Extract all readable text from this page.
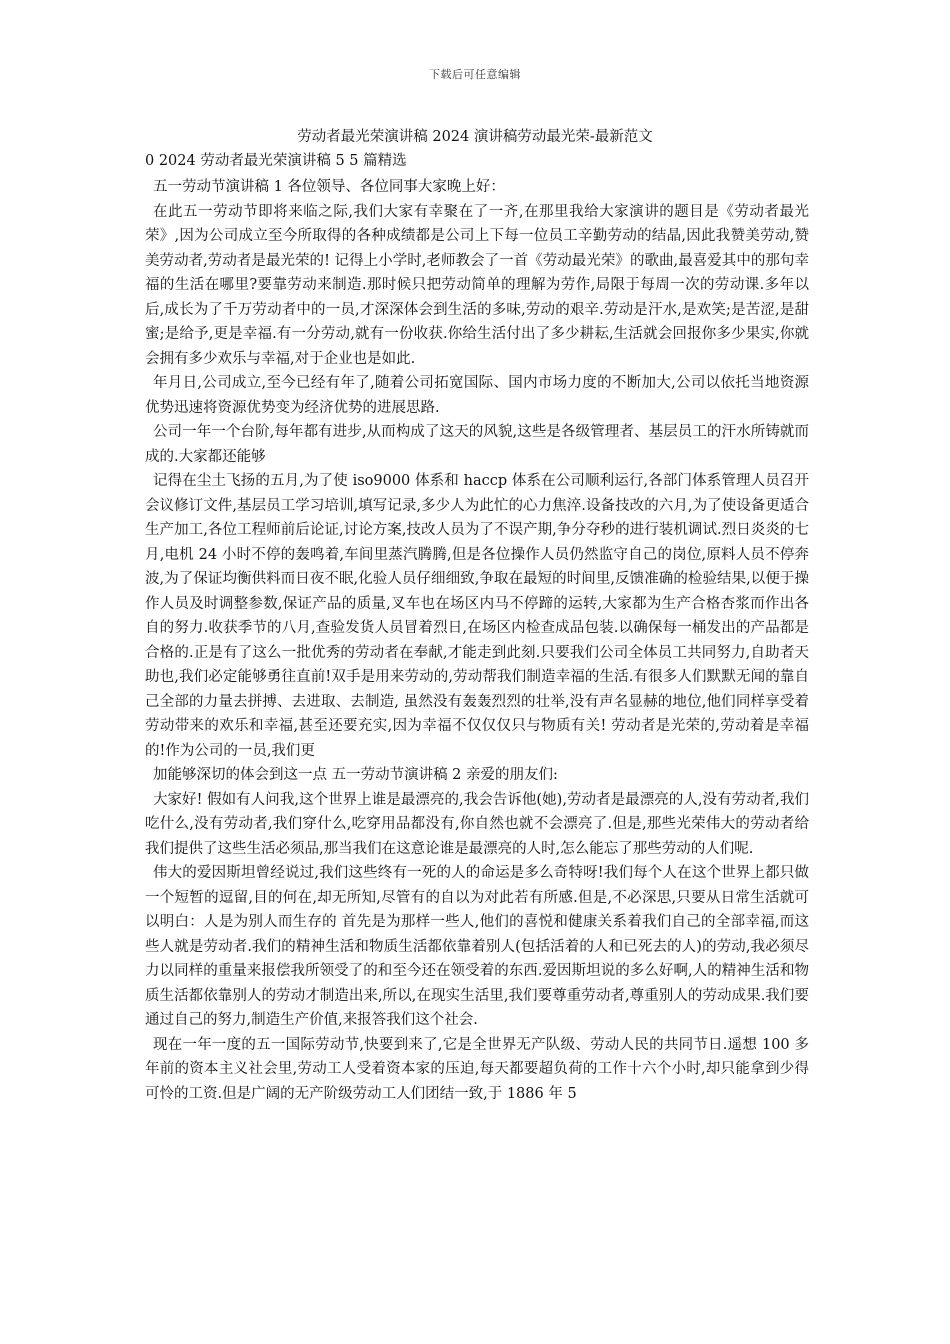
下载后可任意编辑
劳动者最光荣演讲稿 2024 演讲稿劳动最光荣-最新范文
0 2024 劳动者最光荣演讲稿 5 5 篇精选

五一劳动节演讲稿 1 各位领导、各位同事大家晚上好：

在此五一劳动节即将来临之际,我们大家有幸聚在了一齐,在那里我给大家演讲的题目是《劳动者最光荣》,因为公司成立至今所取得的各种成绩都是公司上下每一位员工辛勤劳动的结晶,因此我赞美劳动,赞美劳动者,劳动者是最光荣的! 记得上小学时,老师教会了一首《劳动最光荣》的歌曲,最喜爱其中的那句幸福的生活在哪里?要靠劳动来制造.那时候只把劳动简单的理解为劳作,局限于每周一次的劳动课.多年以后,成长为了千万劳动者中的一员,才深深体会到生活的多味,劳动的艰辛.劳动是汗水,是欢笑;是苦涩,是甜蜜;是给予,更是幸福.有一分劳动,就有一份收获.你给生活付出了多少耕耘,生活就会回报你多少果实,你就会拥有多少欢乐与幸福,对于企业也是如此.

年月日,公司成立,至今已经有年了,随着公司拓宽国际、国内市场力度的不断加大,公司以依托当地资源优势迅速将资源优势变为经济优势的进展思路.

公司一年一个台阶,每年都有进步,从而构成了这天的风貌,这些是各级管理者、基层员工的汗水所铸就而成的.大家都还能够

记得在尘土飞扬的五月,为了使 iso9000 体系和 haccp 体系在公司顺利运行,各部门体系管理人员召开会议修订文件,基层员工学习培训,填写记录,多少人为此忙的心力焦淬.设备技改的六月,为了使设备更适合生产加工,各位工程师前后论证,讨论方案,技改人员为了不误产期,争分夺秒的进行装机调试.烈日炎炎的七月,电机 24 小时不停的轰鸣着,车间里蒸汽腾腾,但是各位操作人员仍然监守自己的岗位,原料人员不停奔波,为了保证均衡供料而日夜不眠,化验人员仔细细致,争取在最短的时间里,反馈准确的检验结果,以便于操作人员及时调整参数,保证产品的质量,叉车也在场区内马不停蹄的运转,大家都为生产合格杏浆而作出各自的努力.收获季节的八月,查验发货人员冒着烈日,在场区内检查成品包装.以确保每一桶发出的产品都是合格的.正是有了这么一批优秀的劳动者在奉献,才能走到此刻.只要我们公司全体员工共同努力,自助者天助也,我们必定能够勇往直前!双手是用来劳动的,劳动帮我们制造幸福的生活.有很多人们默默无闻的靠自己全部的力量去拼搏、去进取、去制造, 虽然没有轰轰烈烈的壮举,没有声名显赫的地位,他们同样享受着劳动带来的欢乐和幸福,甚至还要充实,因为幸福不仅仅仅只与物质有关! 劳动者是光荣的,劳动着是幸福的!作为公司的一员,我们更

加能够深切的体会到这一点 五一劳动节演讲稿 2 亲爱的朋友们:

大家好! 假如有人问我,这个世界上谁是最漂亮的,我会告诉他(她),劳动者是最漂亮的人,没有劳动者,我们吃什么,没有劳动者,我们穿什么,吃穿用品都没有,你自然也就不会漂亮了.但是,那些光荣伟大的劳动者给我们提供了这些生活必须品,那当我们在这意论谁是最漂亮的人时,怎么能忘了那些劳动的人们呢.

伟大的爱因斯坦曾经说过,我们这些终有一死的人的命运是多么奇特呀!我们每个人在这个世界上都只做一个短暂的逗留,目的何在,却无所知,尽管有的自以为对此若有所感.但是,不必深思,只要从日常生活就可以明白：人是为别人而生存的 首先是为那样一些人,他们的喜悦和健康关系着我们自己的全部幸福,而这些人就是劳动者.我们的精神生活和物质生活都依靠着别人(包括活着的人和已死去的人)的劳动,我必须尽力以同样的重量来报偿我所领受了的和至今还在领受着的东西.爱因斯坦说的多么好啊,人的精神生活和物质生活都依靠别人的劳动才制造出来,所以,在现实生活里,我们要尊重劳动者,尊重别人的劳动成果.我们要通过自己的努力,制造生产价值,来报答我们这个社会.

现在一年一度的五一国际劳动节,快要到来了,它是全世界无产队级、劳动人民的共同节日.遥想 100 多年前的资本主义社会里,劳动工人受着资本家的压迫,每天都要超负荷的工作十六个小时,却只能拿到少得可怜的工资.但是广阔的无产阶级劳动工人们团结一致,于 1886 年 5
